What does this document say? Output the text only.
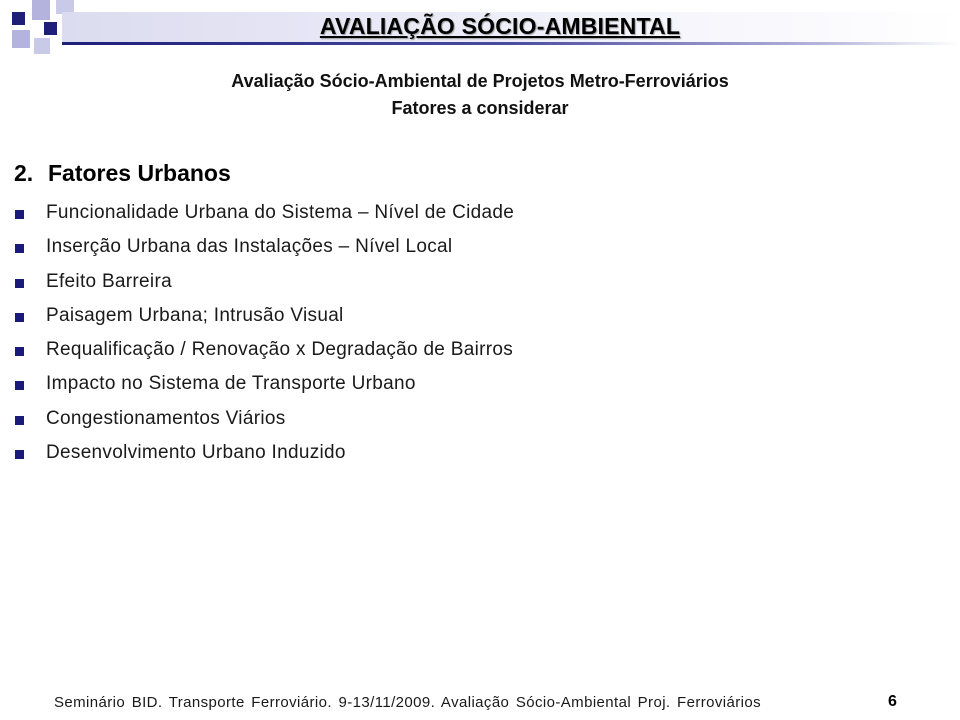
AVALIAÇÃO SÓCIO-AMBIENTAL
Avaliação Sócio-Ambiental de Projetos Metro-Ferroviários
Fatores a considerar
2. Fatores Urbanos
Funcionalidade Urbana do Sistema – Nível de Cidade
Inserção Urbana das Instalações – Nível Local
Efeito Barreira
Paisagem Urbana; Intrusão Visual
Requalificação / Renovação x Degradação de Bairros
Impacto no Sistema de Transporte Urbano
Congestionamentos Viários
Desenvolvimento Urbano Induzido
Seminário BID. Transporte Ferroviário. 9-13/11/2009. Avaliação Sócio-Ambiental Proj. Ferroviários	6
